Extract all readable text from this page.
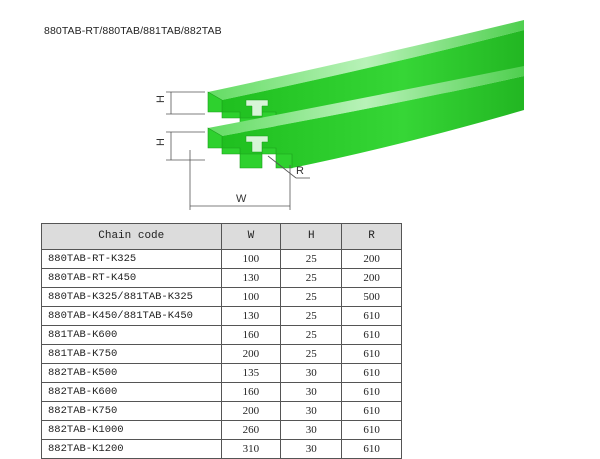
880TAB-RT/880TAB/881TAB/882TAB
H
H
W
R
Chain code	W	H	R
880TAB-RT-K325	100	25	200
880TAB-RT-K450	130	25	200
880TAB-K325/881TAB-K325	100	25	500
880TAB-K450/881TAB-K450	130	25	610
881TAB-K600	160	25	610
881TAB-K750	200	25	610
882TAB-K500	135	30	610
882TAB-K600	160	30	610
882TAB-K750	200	30	610
882TAB-K1000	260	30	610
882TAB-K1200	310	30	610
